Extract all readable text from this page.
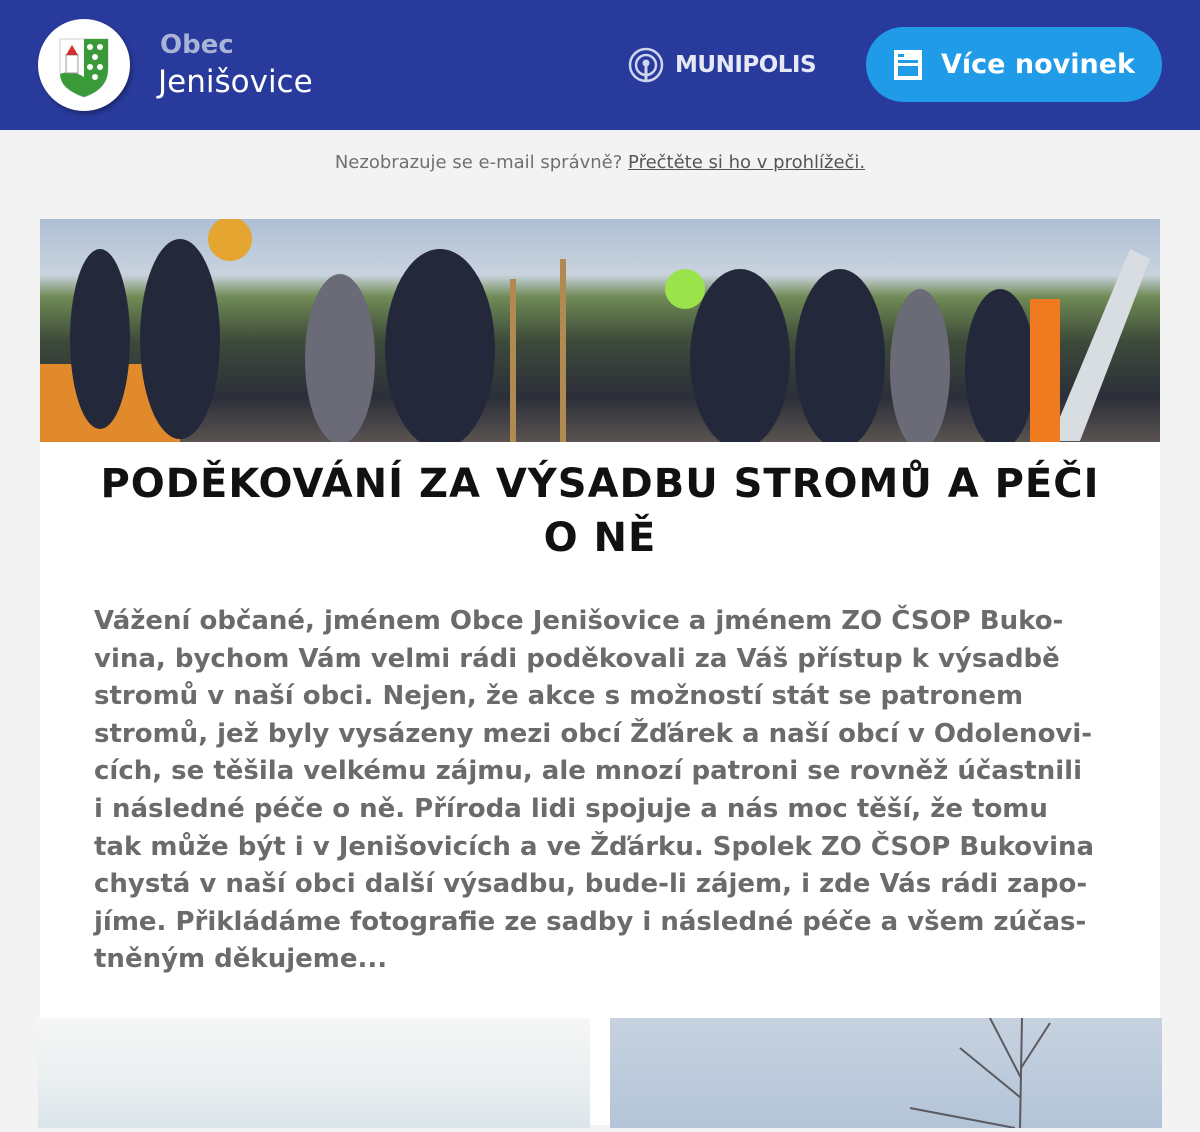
Obec
Jenišovice	MUNIPOLIS	Více novinek
Nezobrazuje se e-mail správně? Přečtěte si ho v prohlížeči.
PODĚKOVÁNÍ ZA VÝSADBU STROMŮ A PÉČI O NĚ
Vážení občané, jménem Obce Jenišovice a jménem ZO ČSOP Buko-
vina, bychom Vám velmi rádi poděkovali za Váš přístup k výsadbě
stromů v naší obci. Nejen, že akce s možností stát se patronem
stromů, jež byly vysázeny mezi obcí Žďárek a naší obcí v Odolenovi-
cích, se těšila velkému zájmu, ale mnozí patroni se rovněž účastnili
i následné péče o ně. Příroda lidi spojuje a nás moc těší, že tomu
tak může být i v Jenišovicích a ve Žďárku. Spolek ZO ČSOP Bukovina
chystá v naší obci další výsadbu, bude-li zájem, i zde Vás rádi zapo-
jíme. Přikládáme fotografie ze sadby i následné péče a všem zúčas-
tněným děkujeme...
